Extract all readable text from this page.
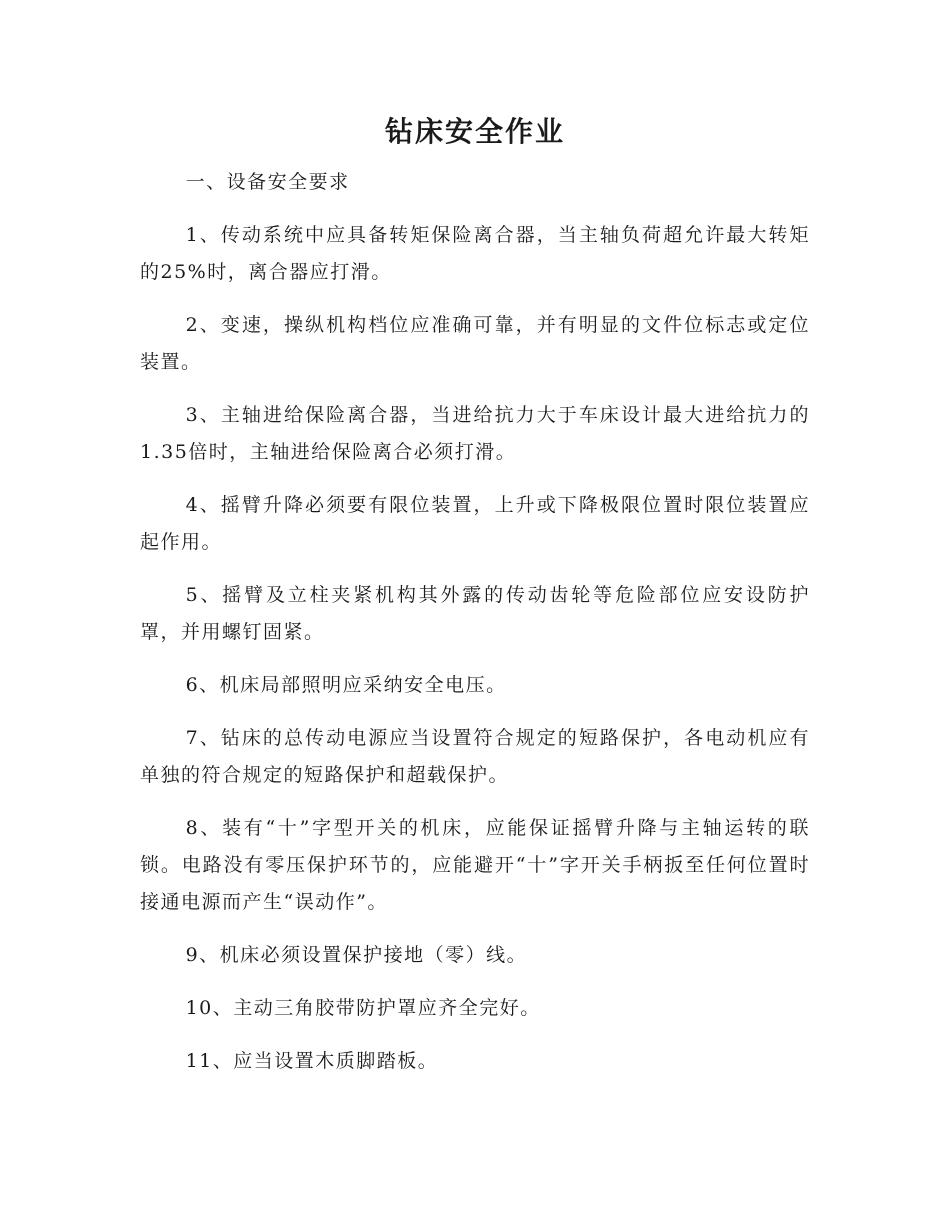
钻床安全作业

一、设备安全要求

1、传动系统中应具备转矩保险离合器，当主轴负荷超允许最大转矩的25%时，离合器应打滑。

2、变速，操纵机构档位应准确可靠，并有明显的文件位标志或定位装置。

3、主轴进给保险离合器，当进给抗力大于车床设计最大进给抗力的1.35倍时，主轴进给保险离合必须打滑。

4、摇臂升降必须要有限位装置，上升或下降极限位置时限位装置应起作用。

5、摇臂及立柱夹紧机构其外露的传动齿轮等危险部位应安设防护罩，并用螺钉固紧。

6、机床局部照明应采纳安全电压。

7、钻床的总传动电源应当设置符合规定的短路保护，各电动机应有单独的符合规定的短路保护和超载保护。

8、装有“十”字型开关的机床，应能保证摇臂升降与主轴运转的联锁。电路没有零压保护环节的，应能避开“十”字开关手柄扳至任何位置时接通电源而产生“误动作”。

9、机床必须设置保护接地（零）线。

10、主动三角胶带防护罩应齐全完好。

11、应当设置木质脚踏板。
